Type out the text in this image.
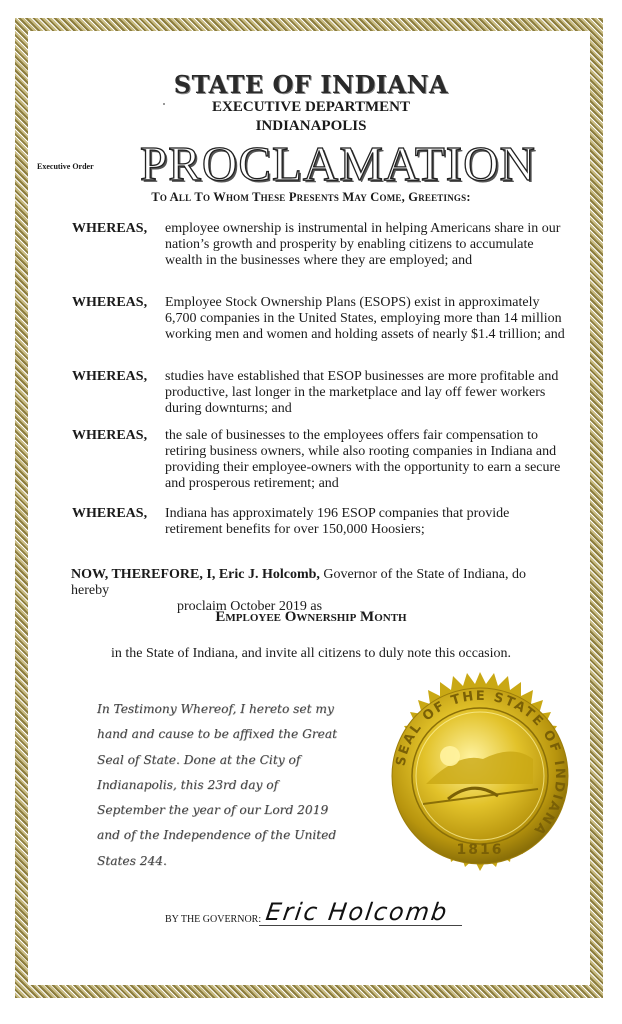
STATE OF INDIANA
EXECUTIVE DEPARTMENT
INDIANAPOLIS
Executive Order PROCLAMATION
To All To Whom These Presents May Come, Greetings:
WHEREAS, employee ownership is instrumental in helping Americans share in our nation’s growth and prosperity by enabling citizens to accumulate wealth in the businesses where they are employed; and
WHEREAS, Employee Stock Ownership Plans (ESOPS) exist in approximately 6,700 companies in the United States, employing more than 14 million working men and women and holding assets of nearly $1.4 trillion; and
WHEREAS, studies have established that ESOP businesses are more profitable and productive, last longer in the marketplace and lay off fewer workers during downturns; and
WHEREAS, the sale of businesses to the employees offers fair compensation to retiring business owners, while also rooting companies in Indiana and providing their employee-owners with the opportunity to earn a secure and prosperous retirement; and
WHEREAS, Indiana has approximately 196 ESOP companies that provide retirement benefits for over 150,000 Hoosiers;
NOW, THEREFORE, I, Eric J. Holcomb, Governor of the State of Indiana, do hereby
proclaim October 2019 as
Employee Ownership Month
in the State of Indiana, and invite all citizens to duly note this occasion.
In Testimony Whereof, I hereto set my hand and cause to be affixed the Great Seal of State. Done at the City of Indianapolis, this 23rd day of September the year of our Lord 2019 and of the Independence of the United States 244.
SEAL OF THE STATE OF INDIANA
1816
BY THE GOVERNOR: Eric Holcomb
